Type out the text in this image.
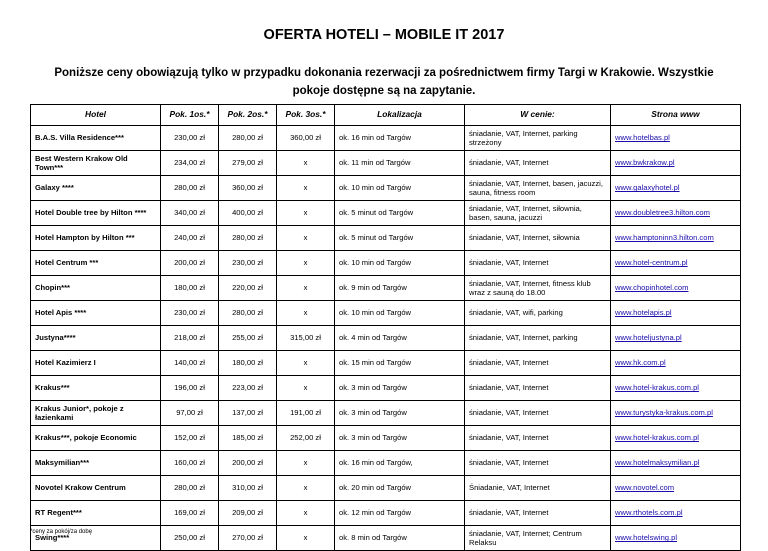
OFERTA HOTELI – MOBILE IT 2017
Poniższe ceny obowiązują tylko w przypadku dokonania rezerwacji za pośrednictwem firmy Targi w Krakowie. Wszystkie pokoje dostępne są na zapytanie.
Hotel	Pok. 1os.*	Pok. 2os.*	Pok. 3os.*	Lokalizacja	W cenie:	Strona www
B.A.S. Villa Residence***	230,00 zł	280,00 zł	360,00 zł	ok. 16 min od Targów	śniadanie, VAT, Internet, parking strzeżony	www.hotelbas.pl
Best Western Krakow Old Town***	234,00 zł	279,00 zł	x	ok. 11 min od Targów	śniadanie, VAT, Internet	www.bwkrakow.pl
Galaxy ****	280,00 zł	360,00 zł	x	ok. 10 min od Targów	śniadanie, VAT, Internet, basen, jacuzzi, sauna, fitness room	www.galaxyhotel.pl
Hotel Double tree by Hilton ****	340,00 zł	400,00 zł	x	ok. 5 minut od Targów	śniadanie, VAT, Internet, siłownia, basen, sauna, jacuzzi	www.doubletree3.hilton.com
Hotel Hampton by Hilton ***	240,00 zł	280,00 zł	x	ok. 5 minut od Targów	śniadanie, VAT, Internet, siłownia	www.hamptoninn3.hilton.com
Hotel Centrum ***	200,00 zł	230,00 zł	x	ok. 10 min od Targów	śniadanie, VAT, Internet	www.hotel-centrum.pl
Chopin***	180,00 zł	220,00 zł	x	ok. 9 min od Targów	śniadanie, VAT, Internet, fitness klub wraz z sauną do 18.00	www.chopinhotel.com
Hotel Apis ****	230,00 zł	280,00 zł	x	ok. 10 min od Targów	śniadanie, VAT, wifi, parking	www.hotelapis.pl
Justyna****	218,00 zł	255,00 zł	315,00 zł	ok. 4 min od Targów	śniadanie, VAT, Internet, parking	www.hoteljustyna.pl
Hotel Kazimierz I	140,00 zł	180,00 zł	x	ok. 15 min od Targów	śniadanie, VAT, Internet	www.hk.com.pl
Krakus***	196,00 zł	223,00 zł	x	ok. 3 min od Targów	śniadanie, VAT, Internet	www.hotel-krakus.com.pl
Krakus Junior*, pokoje z łazienkami	97,00 zł	137,00 zł	191,00 zł	ok. 3 min od Targów	śniadanie, VAT, Internet	www.turystyka-krakus.com.pl
Krakus***, pokoje Economic	152,00 zł	185,00 zł	252,00 zł	ok. 3 min od Targów	śniadanie, VAT, Internet	www.hotel-krakus.com.pl
Maksymilian***	160,00 zł	200,00 zł	x	ok. 16 min od Targów,	śniadanie, VAT, Internet	www.hotelmaksymilian.pl
Novotel Krakow Centrum	280,00 zł	310,00 zł	x	ok. 20 min od Targów	Śniadanie, VAT, Internet	www.novotel.com
RT Regent***	169,00 zł	209,00 zł	x	ok. 12 min od Targów	śniadanie, VAT, Internet	www.rthotels.com.pl
Swing****	250,00 zł	270,00 zł	x	ok. 8 min od Targów	śniadanie, VAT, Internet; Centrum Relaksu	www.hotelswing.pl
*ceny za pokój/za dobę
